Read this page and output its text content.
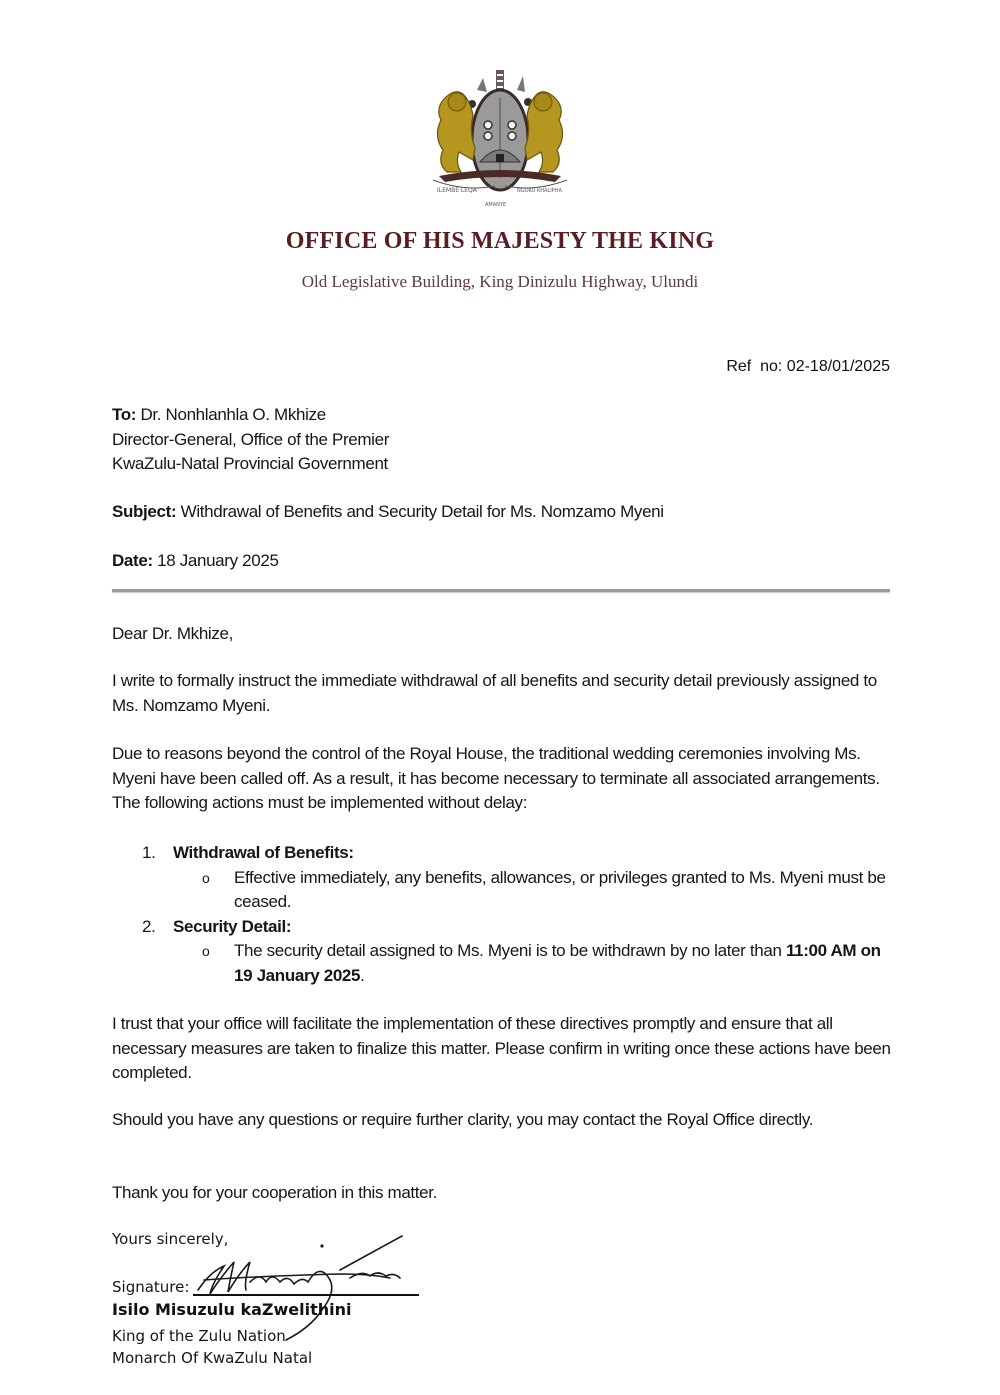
ILEMBE LEQA	NGOKU KHALIPHA
AMANYE
OFFICE OF HIS MAJESTY THE KING
Old Legislative Building, King Dinizulu Highway, Ulundi
Ref  no: 02-18/01/2025
To: Dr. Nonhlanhla O. Mkhize
Director-General, Office of the Premier
KwaZulu-Natal Provincial Government
Subject: Withdrawal of Benefits and Security Detail for Ms. Nomzamo Myeni
Date: 18 January 2025
Dear Dr. Mkhize,
I write to formally instruct the immediate withdrawal of all benefits and security detail previously assigned to Ms. Nomzamo Myeni.
Due to reasons beyond the control of the Royal House, the traditional wedding ceremonies involving Ms. Myeni have been called off. As a result, it has become necessary to terminate all associated arrangements. The following actions must be implemented without delay:
1. Withdrawal of Benefits:
o Effective immediately, any benefits, allowances, or privileges granted to Ms. Myeni must be ceased.
2. Security Detail:
o The security detail assigned to Ms. Myeni is to be withdrawn by no later than 11:00 AM on 19 January 2025.
I trust that your office will facilitate the implementation of these directives promptly and ensure that all necessary measures are taken to finalize this matter. Please confirm in writing once these actions have been completed.
Should you have any questions or require further clarity, you may contact the Royal Office directly.
Thank you for your cooperation in this matter.
Yours sincerely,
Signature:
Isilo Misuzulu kaZwelithini
King of the Zulu Nation
Monarch Of KwaZulu Natal
